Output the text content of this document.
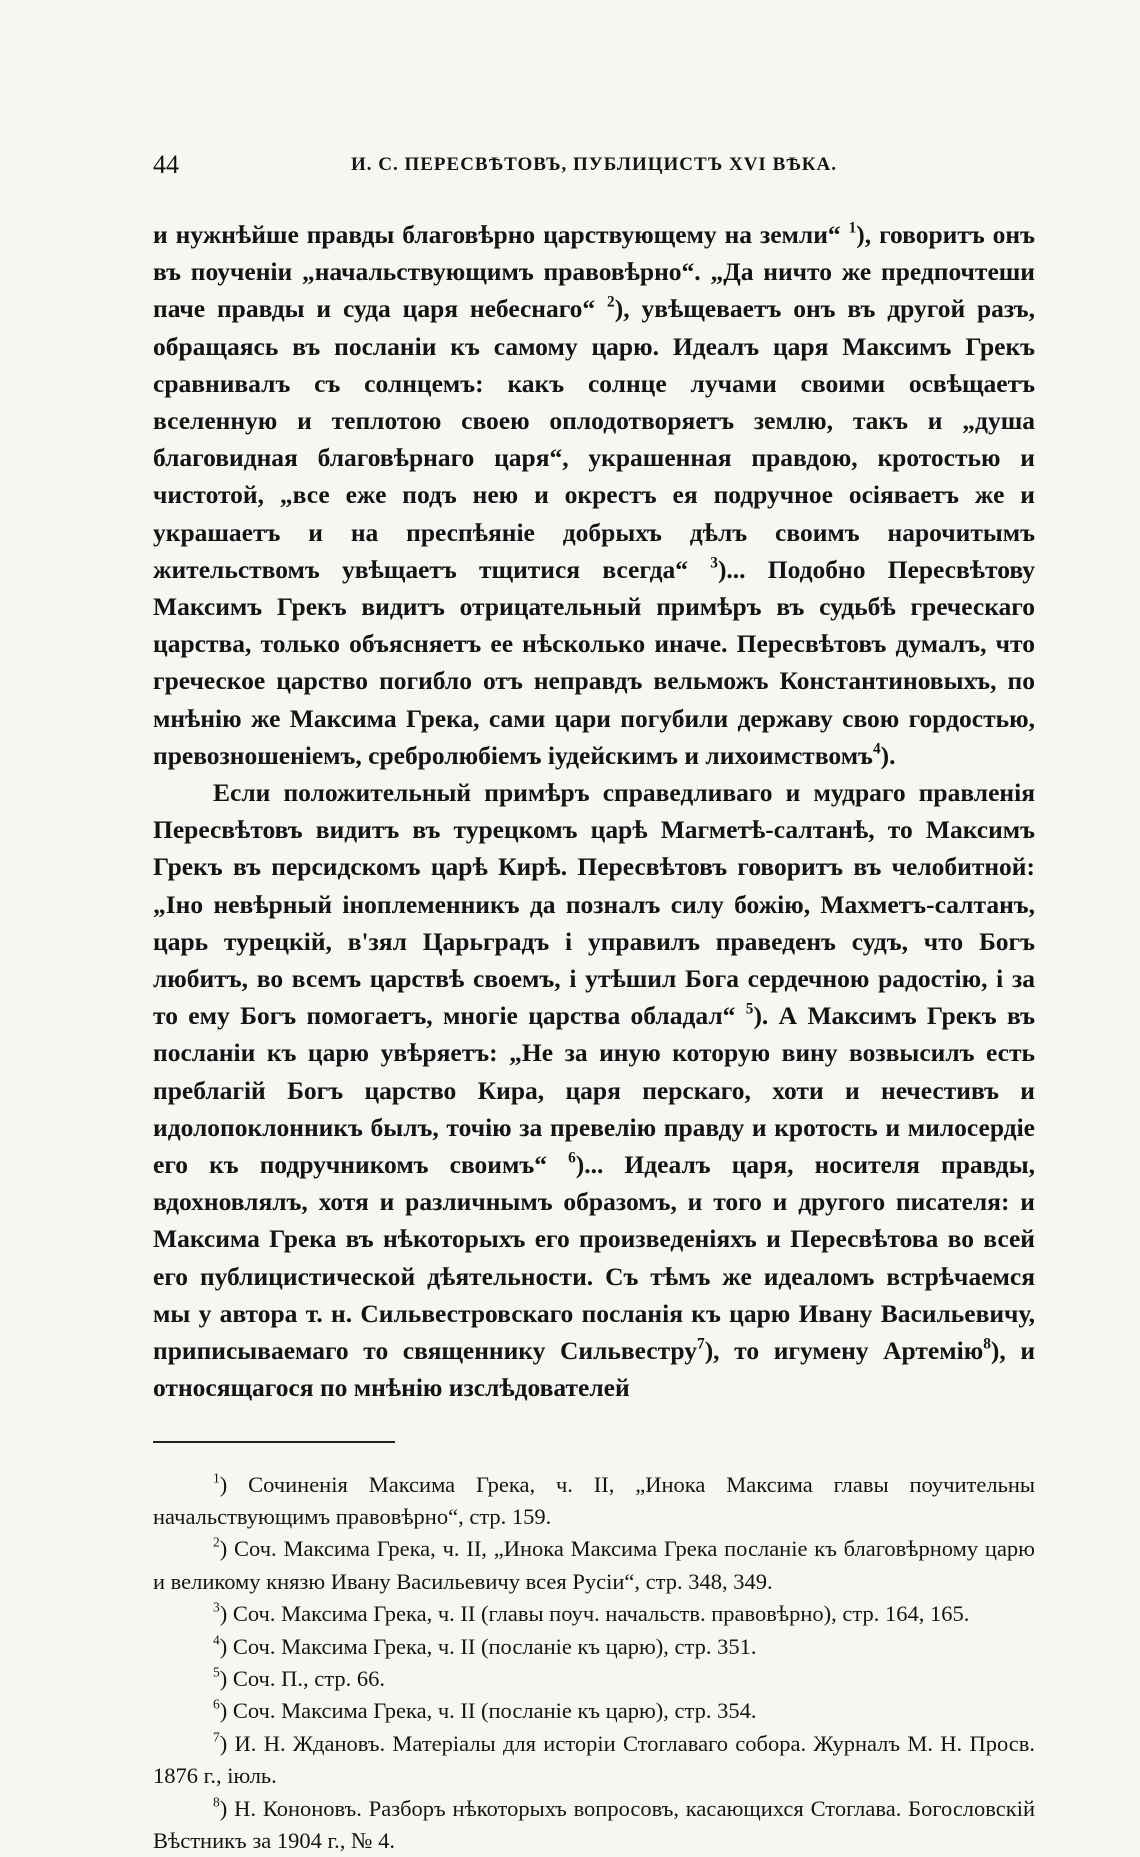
44	И. С. ПЕРЕСВѢТОВЪ, ПУБЛИЦИСТЪ XVI ВѢКА.

и нужнѣйше правды благовѣрно царствующему на земли“ $^1$), говоритъ онъ въ поученiи „начальствующимъ правовѣрно“. „Да ничто же предпочтеши паче правды и суда царя небеснаго“ $^2$), увѣщеваетъ онъ въ другой разъ, обращаясь въ посланiи къ самому царю. Идеалъ царя Максимъ Грекъ сравнивалъ съ солнцемъ: какъ солнце лучами своими освѣщаетъ вселенную и теплотою своею оплодотворяетъ землю, такъ и „душа благовидная благовѣрнаго царя“, украшенная правдою, кротостью и чистотой, „все еже подъ нею и окрестъ ея подручное осiяваетъ же и украшаетъ и на преспѣянiе добрыхъ дѣлъ своимъ нарочитымъ жительствомъ увѣщаетъ тщитися всегда“ $^3$)... Подобно Пересвѣтову Максимъ Грекъ видитъ отрицательный примѣръ въ судьбѣ греческаго царства, только объясняетъ ее нѣсколько иначе. Пересвѣтовъ думалъ, что греческое царство погибло отъ неправдъ вельможъ Константиновыхъ, по мнѣнiю же Максима Грека, сами цари погубили державу свою гордостью, превозношенiемъ, сребролюбiемъ iудейскимъ и лихоимствомъ$^4$).

Если положительный примѣръ справедливаго и мудраго правленiя Пересвѣтовъ видитъ въ турецкомъ царѣ Магметѣ-салтанѣ, то Максимъ Грекъ въ персидскомъ царѣ Кирѣ. Пересвѣтовъ говоритъ въ челобитной: „Іно невѣрный iноплеменникъ да позналъ силу божiю, Махметъ-салтанъ, царь турецкiй, в'зял Царьградъ i управилъ праведенъ судъ, что Богъ любитъ, во всемъ царствѣ своемъ, i утѣшил Бога сердечною радостiю, i за то ему Богъ помогаетъ, многiе царства обладал“ $^5$). А Максимъ Грекъ въ посланiи къ царю увѣряетъ: „Не за иную которую вину возвысилъ есть преблагiй Богъ царство Кира, царя перскаго, хоти и нечестивъ и идолопоклонникъ былъ, точiю за превелiю правду и кротость и милосердiе его къ подручникомъ своимъ“ $^6$)... Идеалъ царя, носителя правды, вдохновлялъ, хотя и различнымъ образомъ, и того и другого писателя: и Максима Грека въ нѣкоторыхъ его произведенiяхъ и Пересвѣтова во всей его публицистической дѣятельности. Съ тѣмъ же идеаломъ встрѣчаемся мы у автора т. н. Сильвестровскаго посланiя къ царю Ивану Васильевичу, приписываемаго то священнику Сильвестру$^7$), то игумену Артемiю$^8$), и относящагося по мнѣнiю изслѣдователей

$^1$) Сочиненiя Максима Грека, ч. II, „Инока Максима главы поучительны начальствующимъ правовѣрно“, стр. 159.

$^2$) Соч. Максима Грека, ч. II, „Инока Максима Грека посланiе къ благовѣрному царю и великому князю Ивану Васильевичу всея Русiи“, стр. 348, 349.

$^3$) Соч. Максима Грека, ч. II (главы поуч. начальств. правовѣрно), стр. 164, 165.

$^4$) Соч. Максима Грека, ч. II (посланiе къ царю), стр. 351.

$^5$) Соч. П., стр. 66.

$^6$) Соч. Максима Грека, ч. II (посланiе къ царю), стр. 354.

$^7$) И. Н. Ждановъ. Матерiалы для исторiи Стоглаваго собора. Журналъ М. Н. Просв. 1876 г., iюль.

$^8$) Н. Кононовъ. Разборъ нѣкоторыхъ вопросовъ, касающихся Стоглава. Богословскiй Вѣстникъ за 1904 г., № 4.
